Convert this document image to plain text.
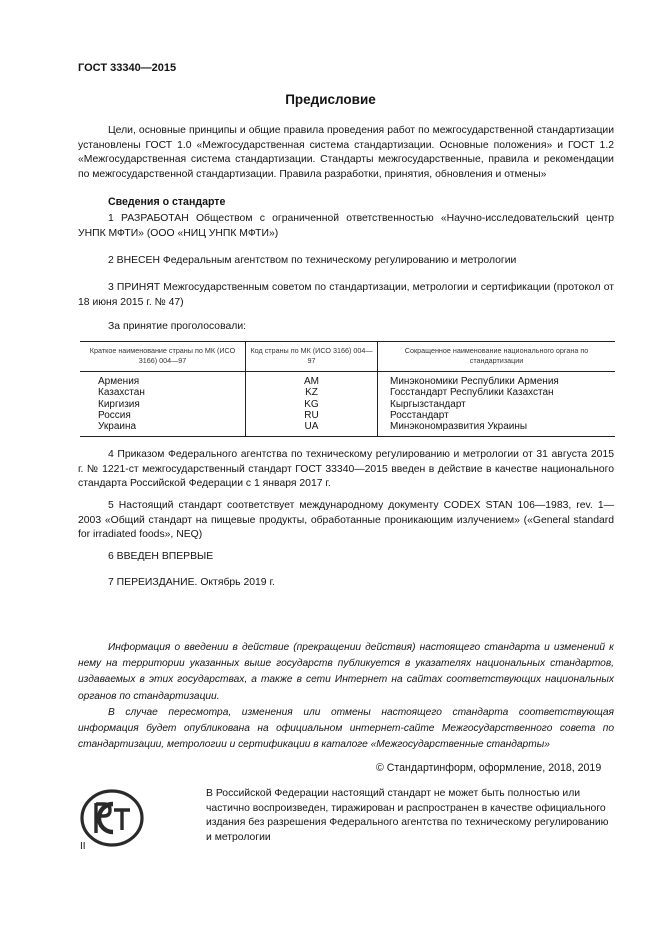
ГОСТ 33340—2015
Предисловие

Цели, основные принципы и общие правила проведения работ по межгосударственной стандартизации установлены ГОСТ 1.0 «Межгосударственная система стандартизации. Основные положения» и ГОСТ 1.2 «Межгосударственная система стандартизации. Стандарты межгосударственные, правила и рекомендации по межгосударственной стандартизации. Правила разработки, принятия, обновления и отмены»

Сведения о стандарте

1 РАЗРАБОТАН Обществом с ограниченной ответственностью «Научно-исследовательский центр УНПК МФТИ» (ООО «НИЦ УНПК МФТИ»)

2 ВНЕСЕН Федеральным агентством по техническому регулированию и метрологии

3 ПРИНЯТ Межгосударственным советом по стандартизации, метрологии и сертификации (протокол от 18 июня 2015 г. № 47)

За принятие проголосовали:
Краткое наименование страны по МК (ИСО 3166) 004—97	Код страны по МК (ИСО 3166) 004—97	Сокращенное наименование национального органа по стандартизации
Армения	AM	Минэкономики Республики Армения
Казахстан	KZ	Госстандарт Республики Казахстан
Киргизия	KG	Кыргызстандарт
Россия	RU	Росстандарт
Украина	UA	Минэкономразвития Украины

4 Приказом Федерального агентства по техническому регулированию и метрологии от 31 августа 2015 г. № 1221-ст межгосударственный стандарт ГОСТ 33340—2015 введен в действие в качестве национального стандарта Российской Федерации с 1 января 2017 г.

5 Настоящий стандарт соответствует международному документу CODEX STAN 106—1983, rev. 1—2003 «Общий стандарт на пищевые продукты, обработанные проникающим излучением» («General standard for irradiated foods», NEQ)

6 ВВЕДЕН ВПЕРВЫЕ

7 ПЕРЕИЗДАНИЕ. Октябрь 2019 г.

Информация о введении в действие (прекращении действия) настоящего стандарта и изменений к нему на территории указанных выше государств публикуется в указателях национальных стандартов, издаваемых в этих государствах, а также в сети Интернет на сайтах соответствующих национальных органов по стандартизации.

В случае пересмотра, изменения или отмены настоящего стандарта соответствующая информация будет опубликована на официальном интернет-сайте Межгосударственного совета по стандартизации, метрологии и сертификации в каталоге «Межгосударственные стандарты»

© Стандартинформ, оформление, 2018, 2019

В Российской Федерации настоящий стандарт не может быть полностью или частично воспроизведен, тиражирован и распространен в качестве официального издания без разрешения Федерального агентства по техническому регулированию и метрологии

II
